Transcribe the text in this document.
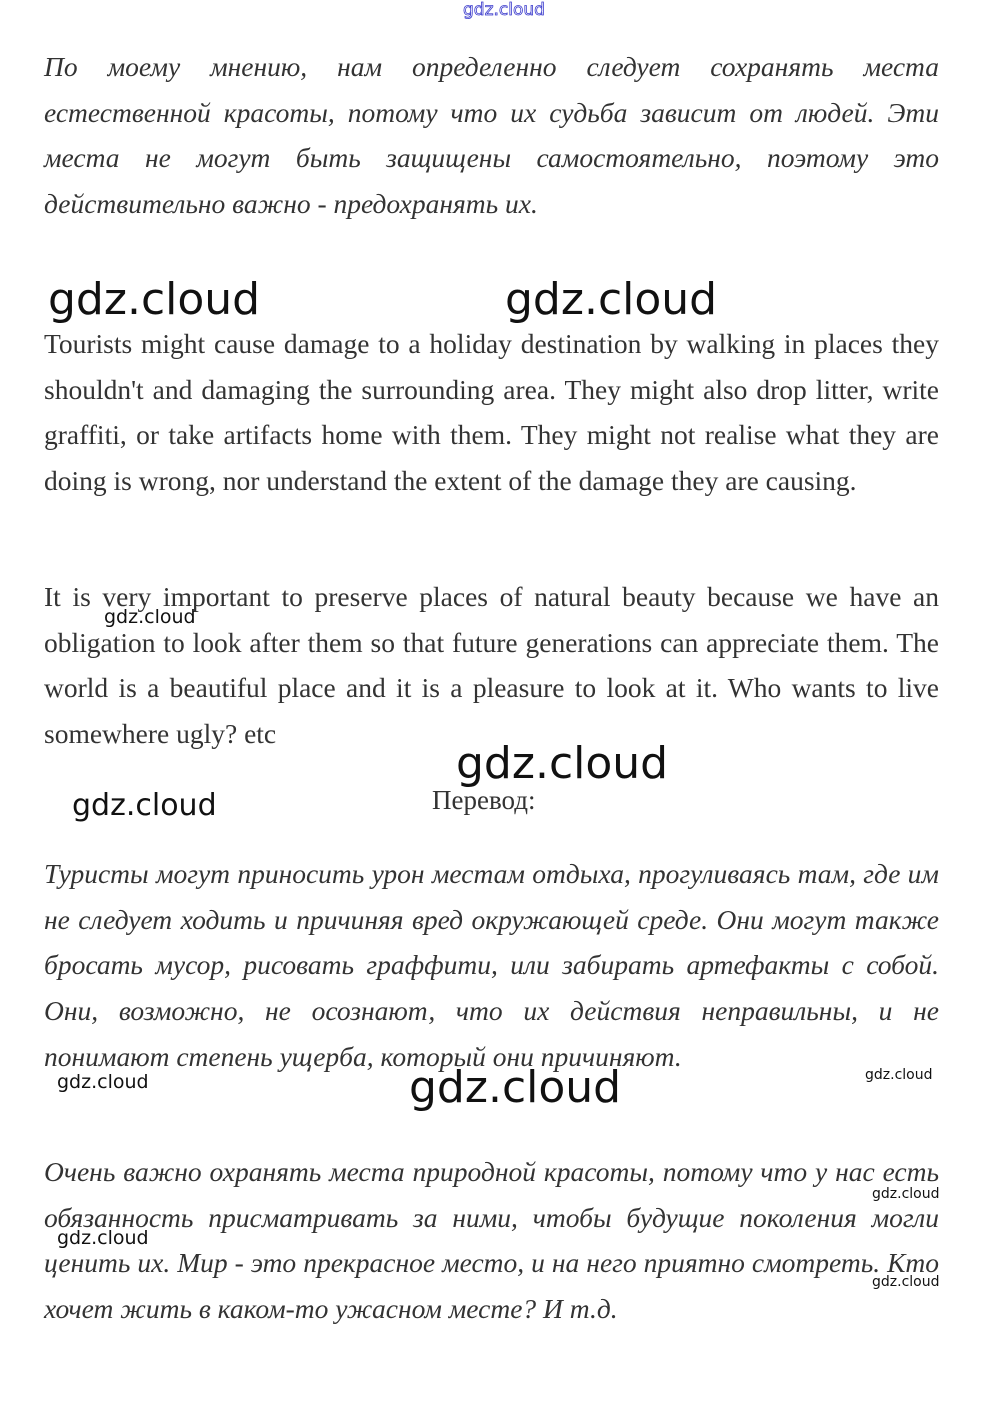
gdz.cloud

По моему мнению, нам определенно следует сохранять места естественной красоты, потому что их судьба зависит от людей. Эти места не могут быть защищены самостоятельно, поэтому это действительно важно - предохранять их.

Tourists might cause damage to a holiday destination by walking in places they shouldn't and damaging the surrounding area. They might also drop litter, write graffiti, or take artifacts home with them. They might not realise what they are doing is wrong, nor understand the extent of the damage they are causing.

It is very important to preserve places of natural beauty because we have an obligation to look after them so that future generations can appreciate them. The world is a beautiful place and it is a pleasure to look at it. Who wants to live somewhere ugly? etc

Перевод:

Туристы могут приносить урон местам отдыха, прогуливаясь там, где им не следует ходить и причиняя вред окружающей среде. Они могут также бросать мусор, рисовать граффити, или забирать артефакты с собой. Они, возможно, не осознают, что их действия неправильны, и не понимают степень ущерба, который они причиняют.

Очень важно охранять места природной красоты, потому что у нас есть обязанность присматривать за ними, чтобы будущие поколения могли ценить их. Мир - это прекрасное место, и на него приятно смотреть. Кто хочет жить в каком-то ужасном месте? И т.д.

gdz.cloud	gdz.cloud
gdz.cloud
gdz.cloud
gdz.cloud
gdz.cloud	gdz.cloud	gdz.cloud
gdz.cloud
gdz.cloud
gdz.cloud
